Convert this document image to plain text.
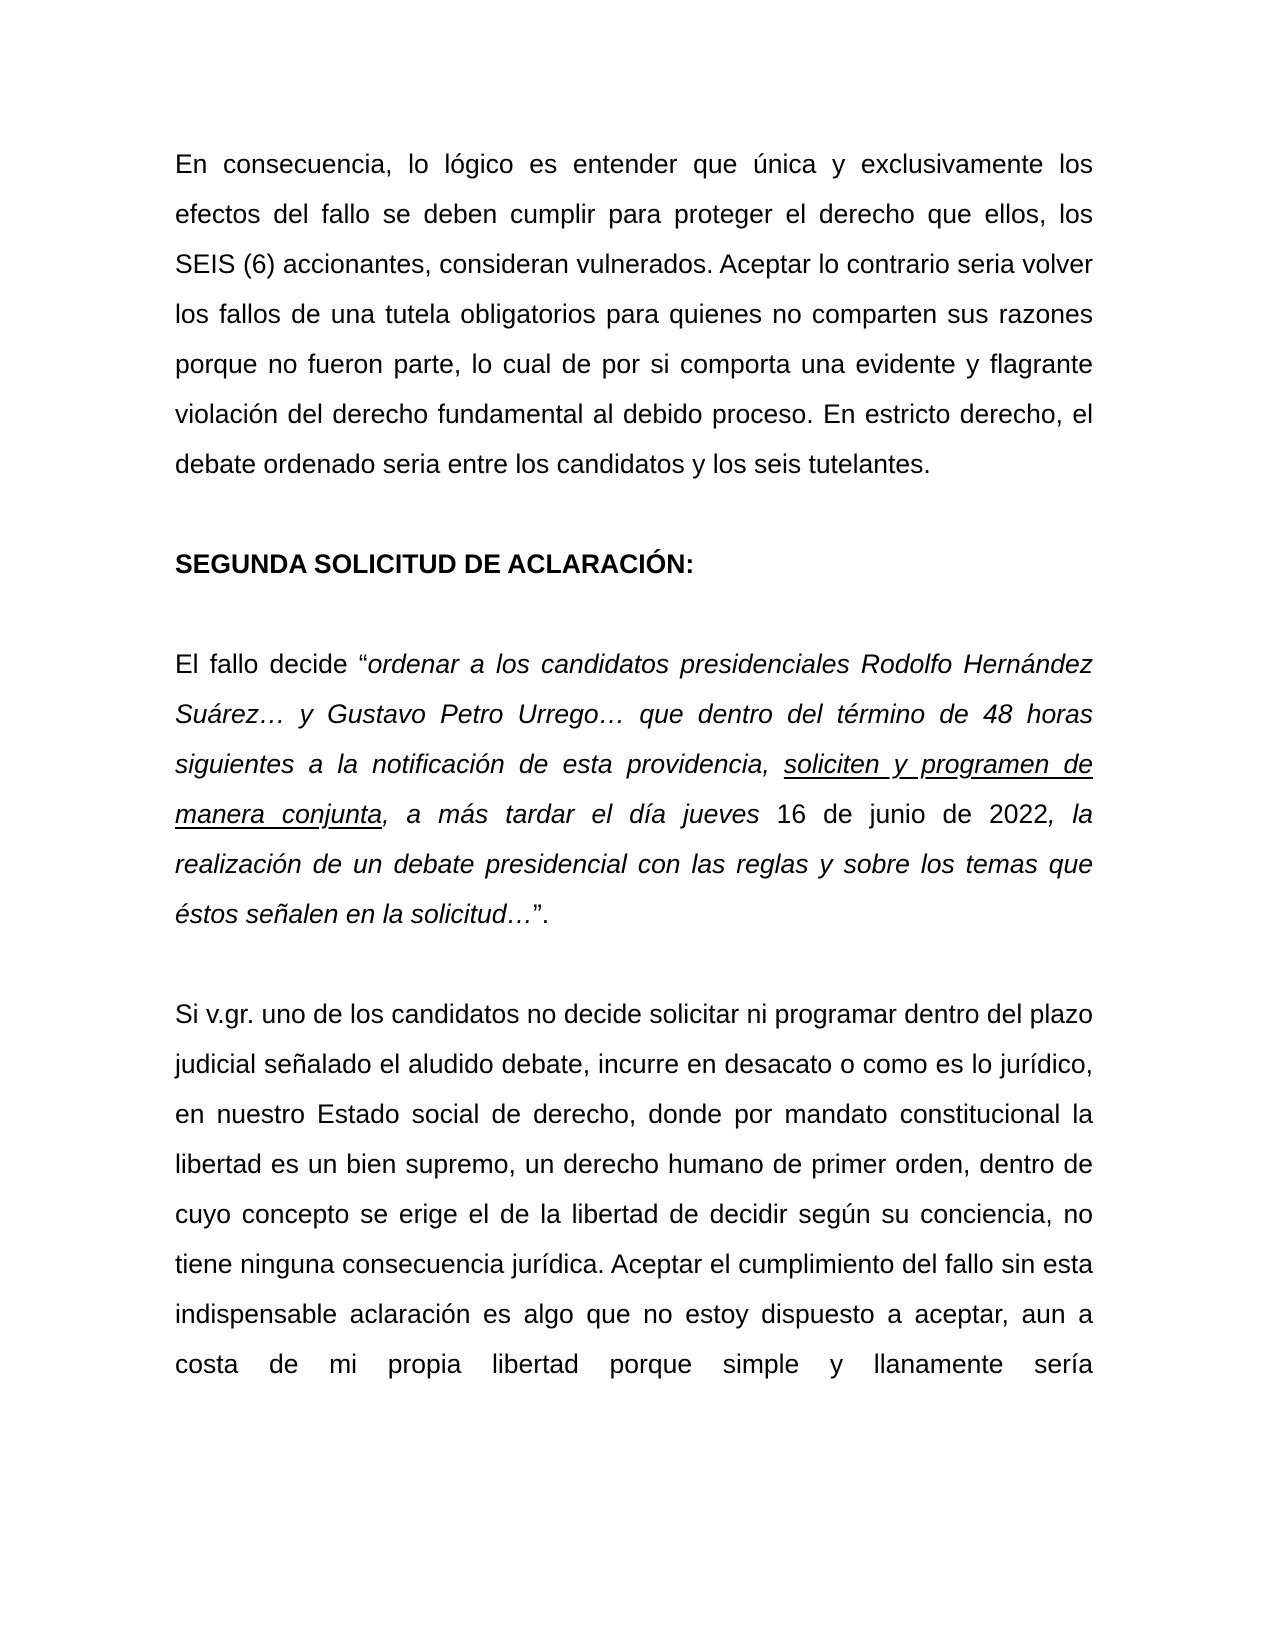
En consecuencia, lo lógico es entender que única y exclusivamente los efectos del fallo se deben cumplir para proteger el derecho que ellos, los SEIS (6) accionantes, consideran vulnerados. Aceptar lo contrario seria volver los fallos de una tutela obligatorios para quienes no comparten sus razones porque no fueron parte, lo cual de por si comporta una evidente y flagrante violación del derecho fundamental al debido proceso. En estricto derecho, el debate ordenado seria entre los candidatos y los seis tutelantes.

SEGUNDA SOLICITUD DE ACLARACIÓN:

El fallo decide “ordenar a los candidatos presidenciales Rodolfo Hernández Suárez… y Gustavo Petro Urrego… que dentro del término de 48 horas siguientes a la notificación de esta providencia, soliciten y programen de manera conjunta, a más tardar el día jueves 16 de junio de 2022, la realización de un debate presidencial con las reglas y sobre los temas que éstos señalen en la solicitud…”.

Si v.gr. uno de los candidatos no decide solicitar ni programar dentro del plazo judicial señalado el aludido debate, incurre en desacato o como es lo jurídico, en nuestro Estado social de derecho, donde por mandato constitucional la libertad es un bien supremo, un derecho humano de primer orden, dentro de cuyo concepto se erige el de la libertad de decidir según su conciencia, no tiene ninguna consecuencia jurídica. Aceptar el cumplimiento del fallo sin esta indispensable aclaración es algo que no estoy dispuesto a aceptar, aun a costa de mi propia libertad porque simple y llanamente sería
